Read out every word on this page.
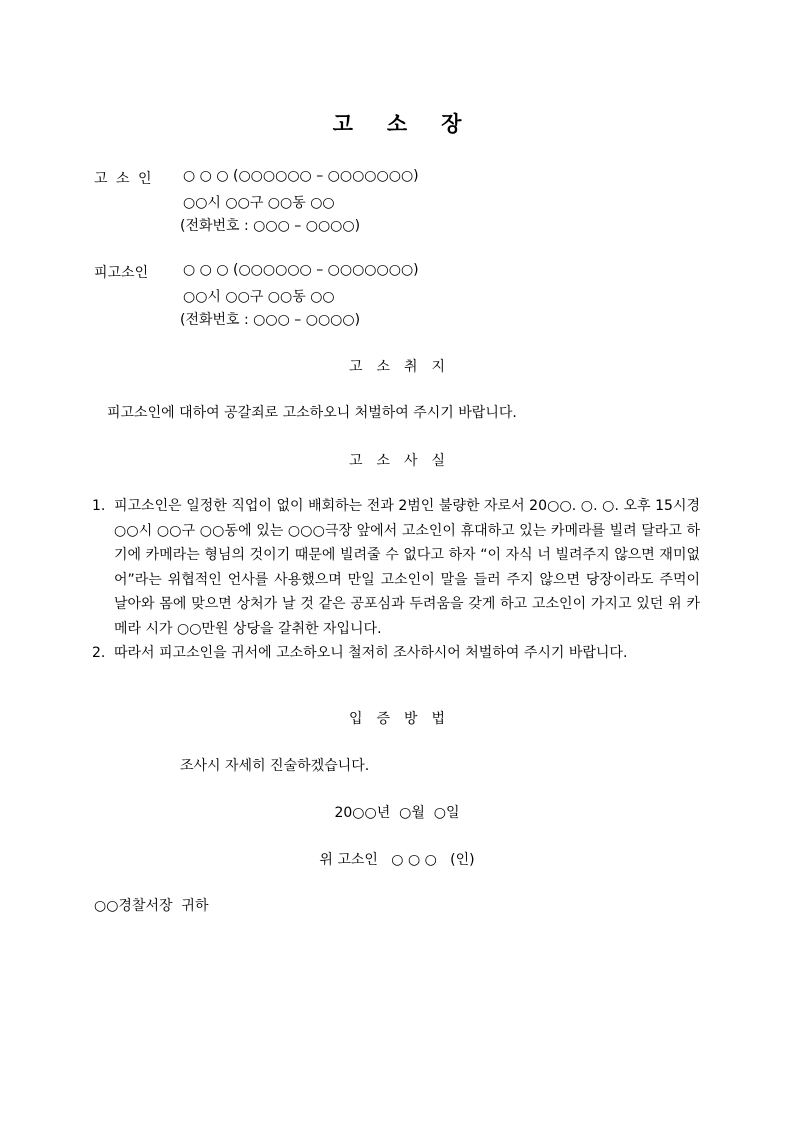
고소장
고 소 인 ○ ○ ○ (○○○○○○ – ○○○○○○○)
○○시 ○○구 ○○동 ○○
(전화번호 : ○○○ – ○○○○)
피고소인 ○ ○ ○ (○○○○○○ – ○○○○○○○)
○○시 ○○구 ○○동 ○○
(전화번호 : ○○○ – ○○○○)
고소취지
피고소인에 대하여 공갈죄로 고소하오니 처벌하여 주시기 바랍니다.
고소사실
1. 피고소인은 일정한 직업이 없이 배회하는 전과 2범인 불량한 자로서 20○○. ○. ○. 오후 15시경 ○○시 ○○구 ○○동에 있는 ○○○극장 앞에서 고소인이 휴대하고 있는 카메라를 빌려 달라고 하기에 카메라는 형님의 것이기 때문에 빌려줄 수 없다고 하자 “이 자식 너 빌려주지 않으면 재미없어”라는 위협적인 언사를 사용했으며 만일 고소인이 말을 들러 주지 않으면 당장이라도 주먹이 날아와 몸에 맞으면 상처가 날 것 같은 공포심과 두려움을 갖게 하고 고소인이 가지고 있던 위 카메라 시가 ○○만원 상당을 갈취한 자입니다.
2. 따라서 피고소인을 귀서에 고소하오니 철저히 조사하시어 처벌하여 주시기 바랍니다.
입증방법
조사시 자세히 진술하겠습니다.
20○○년  ○월  ○일
위 고소인   ○ ○ ○   (인)
○○경찰서장  귀하
